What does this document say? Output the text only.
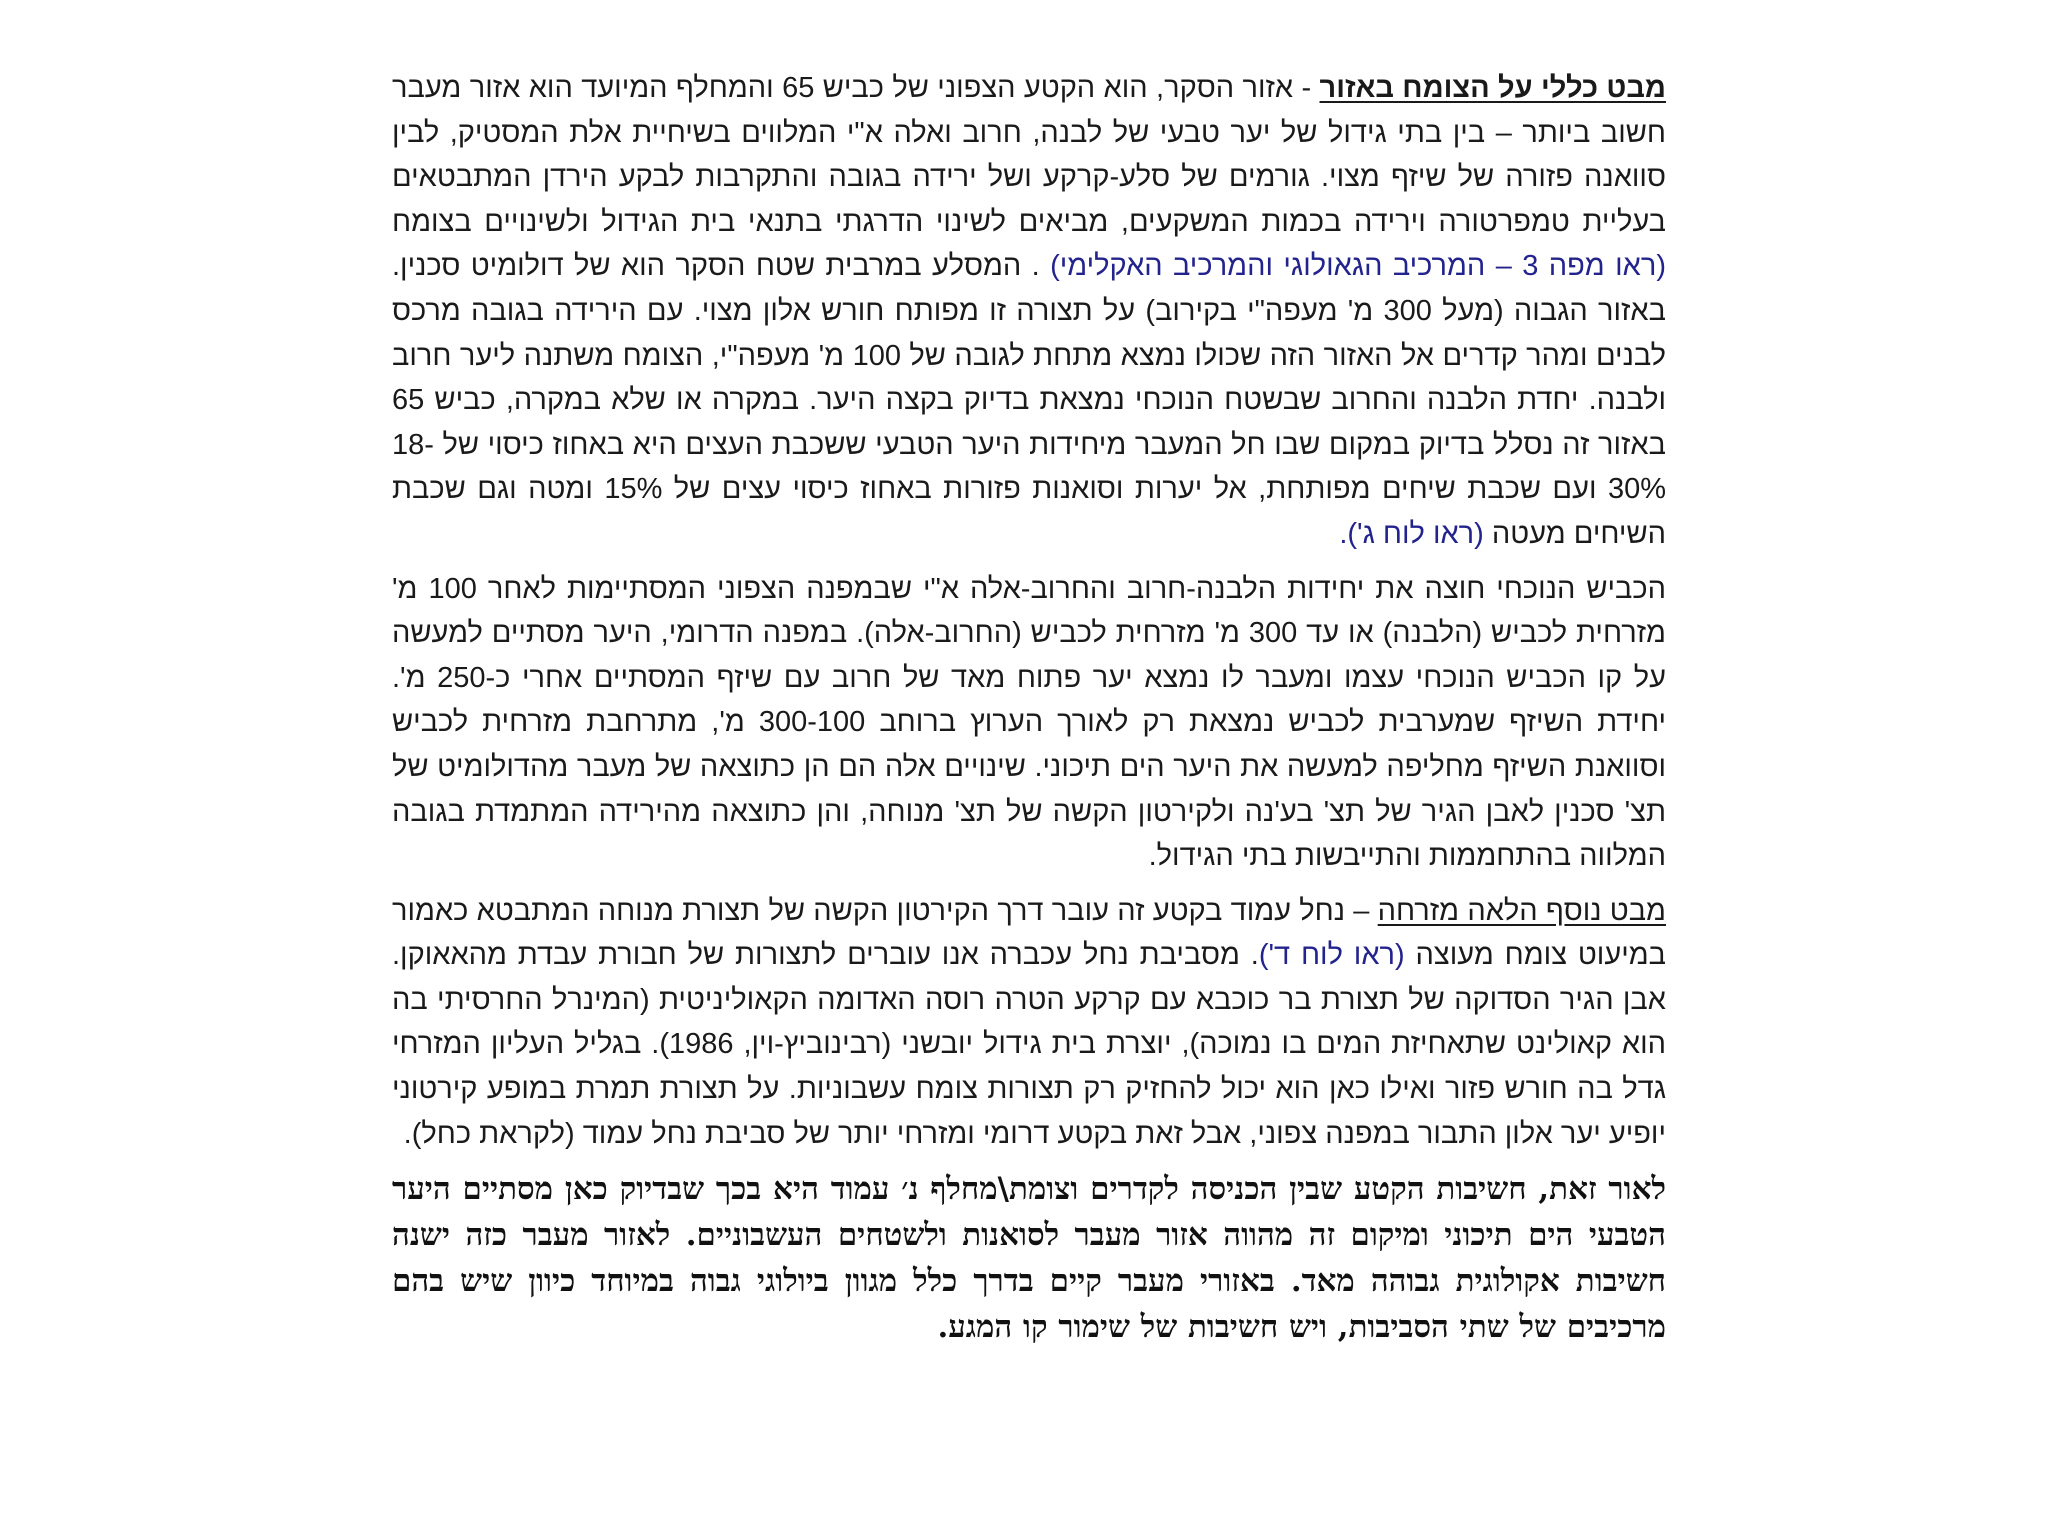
מבט כללי על הצומח באזור - אזור הסקר, הוא הקטע הצפוני של כביש 65 והמחלף המיועד הוא אזור מעבר חשוב ביותר – בין בתי גידול של יער טבעי של לבנה, חרוב ואלה א"י המלווים בשיחיית אלת המסטיק, לבין סוואנה פזורה של שיזף מצוי. גורמים של סלע-קרקע ושל ירידה בגובה והתקרבות לבקע הירדן המתבטאים בעליית טמפרטורה וירידה בכמות המשקעים, מביאים לשינוי הדרגתי בתנאי בית הגידול ולשינויים בצומח (ראו מפה 3 – המרכיב הגאולוגי והמרכיב האקלימי) . המסלע במרבית שטח הסקר הוא של דולומיט סכנין. באזור הגבוה (מעל 300 מ' מעפה"י בקירוב) על תצורה זו מפותח חורש אלון מצוי. עם הירידה בגובה מרכס לבנים ומהר קדרים אל האזור הזה שכולו נמצא מתחת לגובה של 100 מ' מעפה"י, הצומח משתנה ליער חרוב ולבנה. יחדת הלבנה והחרוב שבשטח הנוכחי נמצאת בדיוק בקצה היער. במקרה או שלא במקרה, כביש 65 באזור זה נסלל בדיוק במקום שבו חל המעבר מיחידות היער הטבעי ששכבת העצים היא באחוז כיסוי של 18-30% ועם שכבת שיחים מפותחת, אל יערות וסואנות פזורות באחוז כיסוי עצים של 15% ומטה וגם שכבת השיחים מעטה (ראו לוח ג').

הכביש הנוכחי חוצה את יחידות הלבנה-חרוב והחרוב-אלה א"י שבמפנה הצפוני המסתיימות לאחר 100 מ' מזרחית לכביש (הלבנה) או עד 300 מ' מזרחית לכביש (החרוב-אלה). במפנה הדרומי, היער מסתיים למעשה על קו הכביש הנוכחי עצמו ומעבר לו נמצא יער פתוח מאד של חרוב עם שיזף המסתיים אחרי כ-250 מ'. יחידת השיזף שמערבית לכביש נמצאת רק לאורך הערוץ ברוחב 300-100 מ', מתרחבת מזרחית לכביש וסוואנת השיזף מחליפה למעשה את היער הים תיכוני. שינויים אלה הם הן כתוצאה של מעבר מהדולומיט של תצ' סכנין לאבן הגיר של תצ' בע'נה ולקירטון הקשה של תצ' מנוחה, והן כתוצאה מהירידה המתמדת בגובה המלווה בהתחממות והתייבשות בתי הגידול.

מבט נוסף הלאה מזרחה – נחל עמוד בקטע זה עובר דרך הקירטון הקשה של תצורת מנוחה המתבטא כאמור במיעוט צומח מעוצה (ראו לוח ד'). מסביבת נחל עכברה אנו עוברים לתצורות של חבורת עבדת מהאאוקן. אבן הגיר הסדוקה של תצורת בר כוכבא עם קרקע הטרה רוסה האדומה הקאוליניטית (המינרל החרסיתי בה הוא קאולינט שתאחיזת המים בו נמוכה), יוצרת בית גידול יובשני (רבינוביץ-וין, 1986). בגליל העליון המזרחי גדל בה חורש פזור ואילו כאן הוא יכול להחזיק רק תצורות צומח עשבוניות. על תצורת תמרת במופע קירטוני יופיע יער אלון התבור במפנה צפוני, אבל זאת בקטע דרומי ומזרחי יותר של סביבת נחל עמוד (לקראת כחל).

לאור זאת, חשיבות הקטע שבין הכניסה לקדרים וצומת\מחלף נ׳ עמוד היא בכך שבדיוק כאן מסתיים היער הטבעי הים תיכוני ומיקום זה מהווה אזור מעבר לסואנות ולשטחים העשבוניים. לאזור מעבר כזה ישנה חשיבות אקולוגית גבוהה מאד. באזורי מעבר קיים בדרך כלל מגוון ביולוגי גבוה במיוחד כיוון שיש בהם מרכיבים של שתי הסביבות, ויש חשיבות של שימור קו המגע.
